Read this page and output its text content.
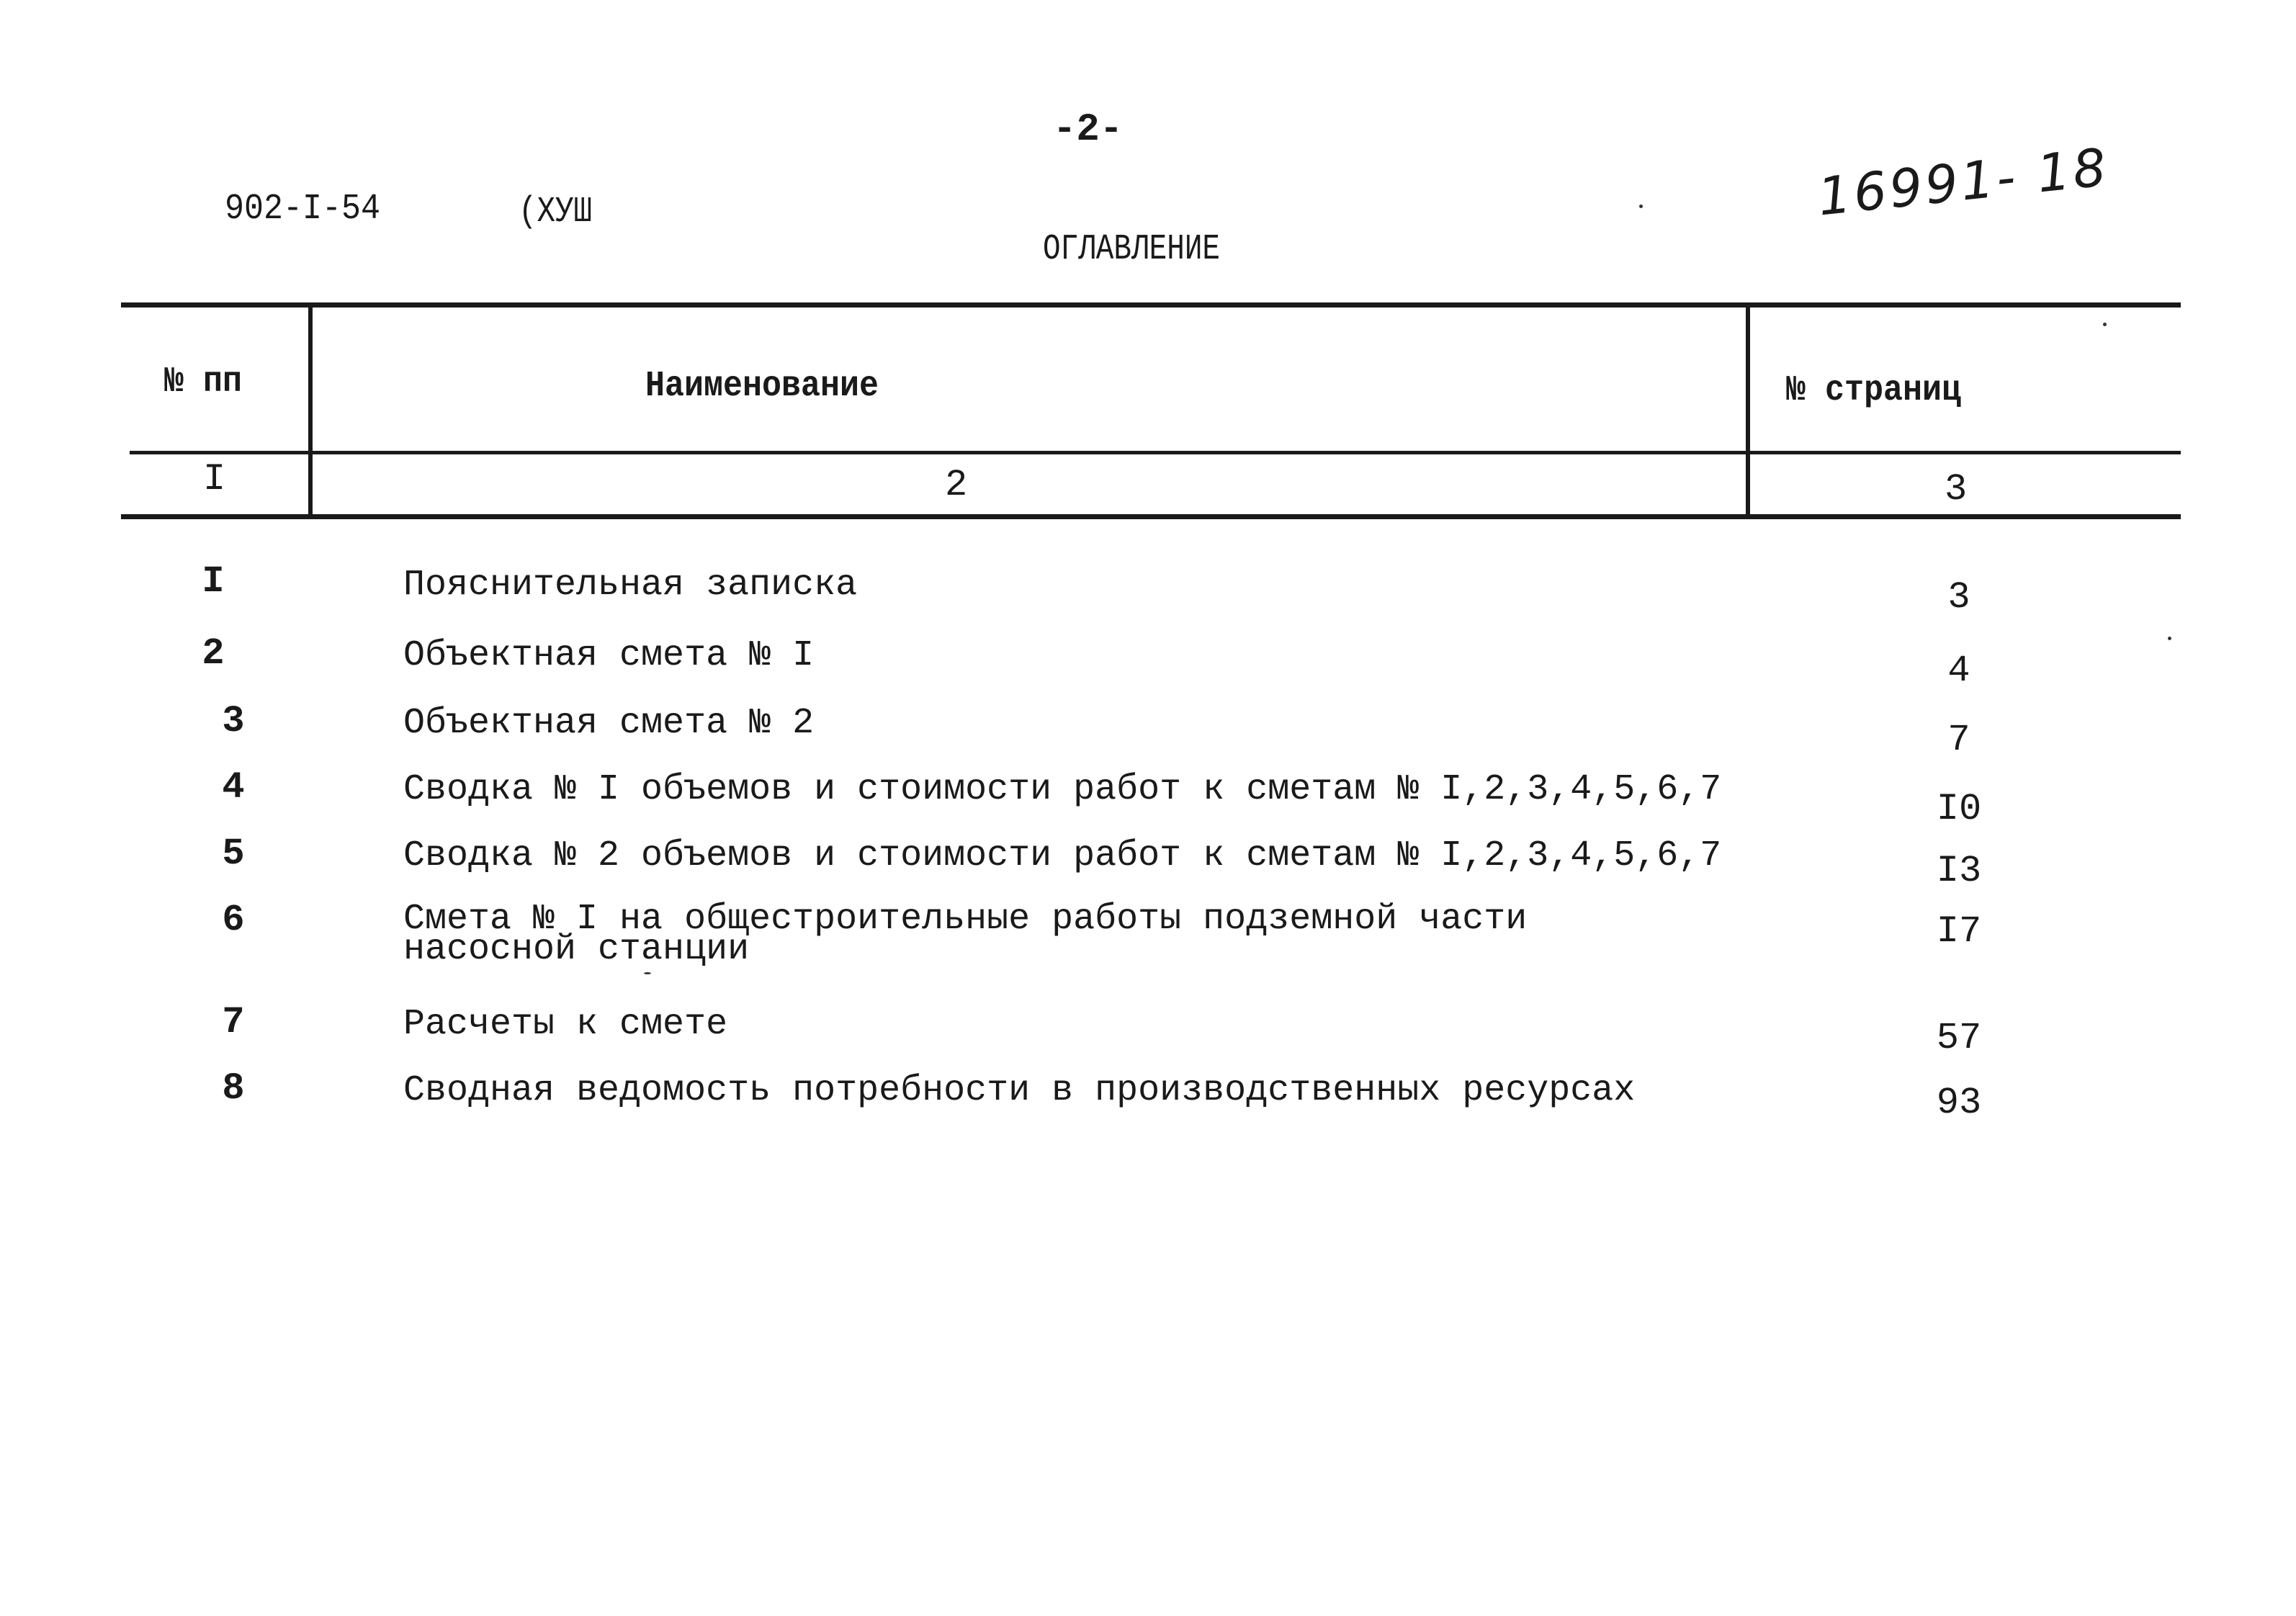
-2-
902-I-54	(ХУШ	16991- 18
ОГЛАВЛЕНИЕ
№ пп	Наименование	№ страниц
I	2	3
I	Пояснительная записка	3
2	Объектная смета № I	4
3	Объектная смета № 2	7
4	Сводка № I объемов и стоимости работ к сметам № I,2,3,4,5,6,7	I0
5	Сводка № 2 объемов и стоимости работ к сметам № I,2,3,4,5,6,7	I3
6	Смета № I на общестроительные работы подземной части насосной станции	I7
7	Расчеты к смете	57
8	Сводная ведомость потребности в производственных ресурсах	93
